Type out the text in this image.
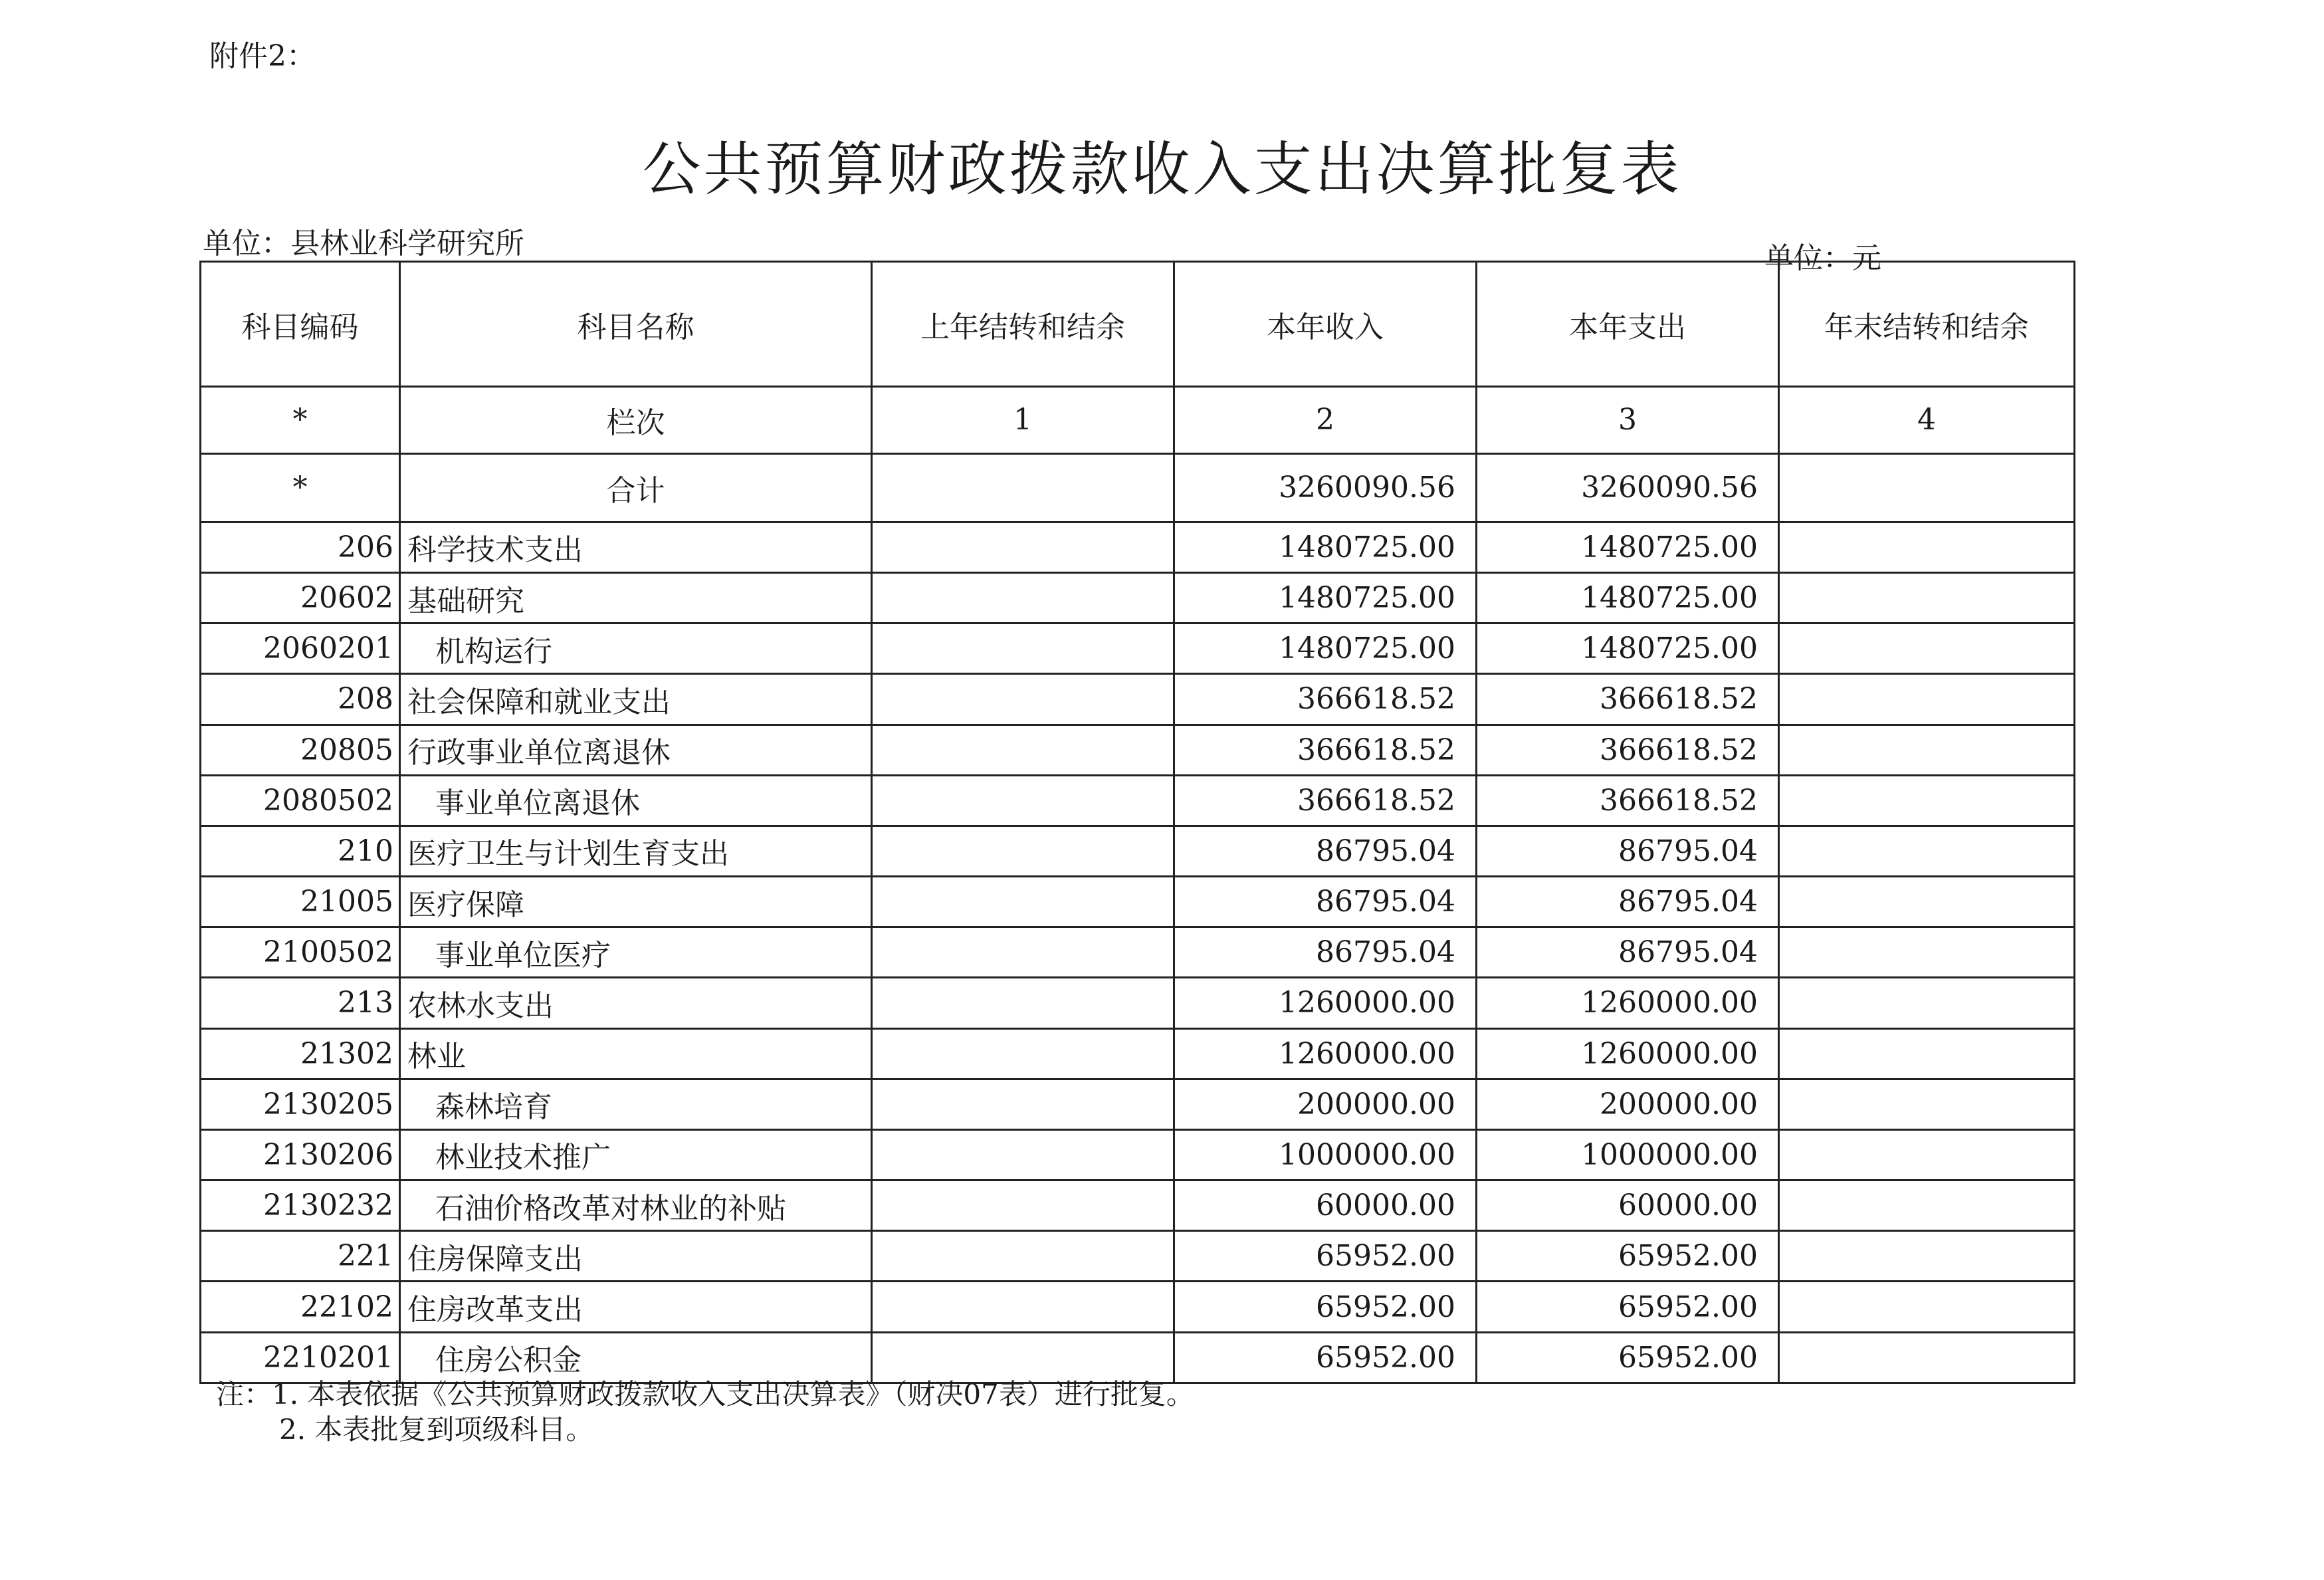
附件2：
公共预算财政拨款收入支出决算批复表
单位：县林业科学研究所	单位：元
科目编码	科目名称	上年结转和结余	本年收入	本年支出	年末结转和结余
*	栏次	1	2	3	4
*	合计		3260090.56	3260090.56	
206	科学技术支出		1480725.00	1480725.00	
20602	基础研究		1480725.00	1480725.00	
2060201	机构运行		1480725.00	1480725.00	
208	社会保障和就业支出		366618.52	366618.52	
20805	行政事业单位离退休		366618.52	366618.52	
2080502	事业单位离退休		366618.52	366618.52	
210	医疗卫生与计划生育支出		86795.04	86795.04	
21005	医疗保障		86795.04	86795.04	
2100502	事业单位医疗		86795.04	86795.04	
213	农林水支出		1260000.00	1260000.00	
21302	林业		1260000.00	1260000.00	
2130205	森林培育		200000.00	200000.00	
2130206	林业技术推广		1000000.00	1000000.00	
2130232	石油价格改革对林业的补贴		60000.00	60000.00	
221	住房保障支出		65952.00	65952.00	
22102	住房改革支出		65952.00	65952.00	
2210201	住房公积金		65952.00	65952.00	
注：1. 本表依据《公共预算财政拨款收入支出决算表》（财决07表）进行批复。
2. 本表批复到项级科目。
